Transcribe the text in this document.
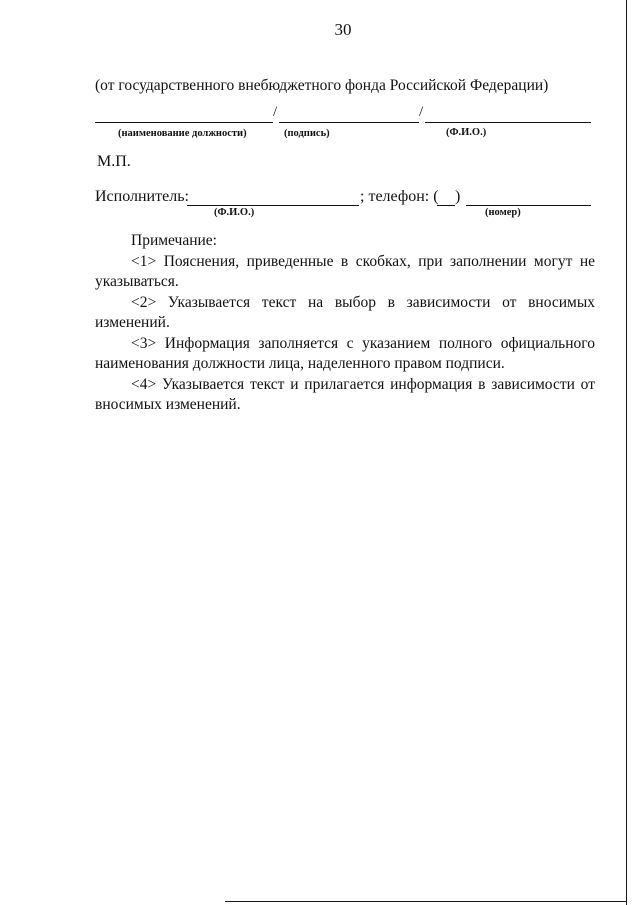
30
(от государственного внебюджетного фонда Российской Федерации)
/	/
(наименование должности)	(подпись)	(Ф.И.О.)
М.П.
Исполнитель:
(Ф.И.О.)
; телефон: ( )
(номер)

Примечание:

<1> Пояснения, приведенные в скобках, при заполнении могут не указываться.

<2> Указывается текст на выбор в зависимости от вносимых изменений.

<3> Информация заполняется с указанием полного официального наименования должности лица, наделенного правом подписи.

<4> Указывается текст и прилагается информация в зависимости от вносимых изменений.
